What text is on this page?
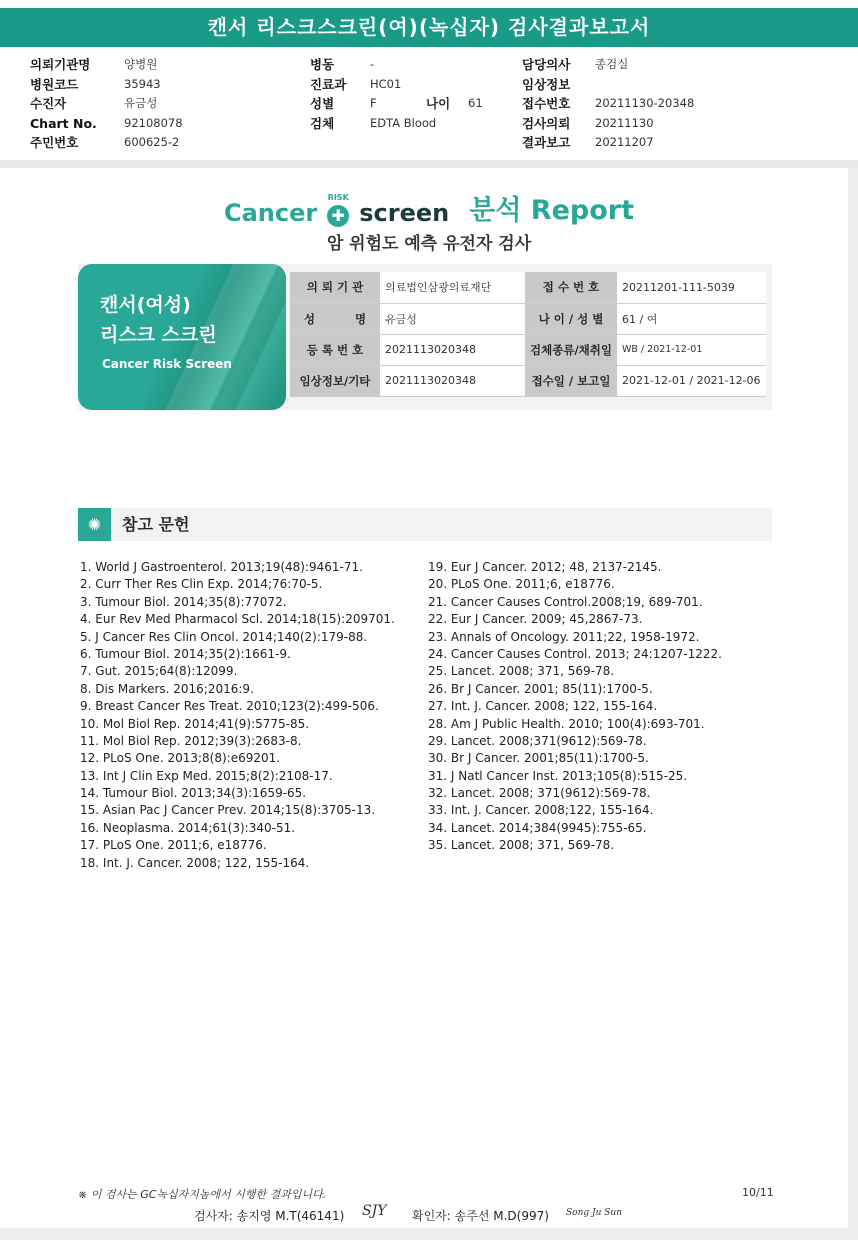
캔서 리스크스크린(여)(녹십자) 검사결과보고서
의뢰기관명	양병원
병원코드	35943
수진자	유금성
Chart No. 92108078
주민번호	600625-2
병동	-
진료과 HC01
성별	F	나이 61
검체	EDTA Blood
담당의사 종검실
임상정보
접수번호 20211130-20348
검사의뢰 20211130
결과보고 20211207
Cancer
RISK
✚ screen 분석 Report
암 위험도 예측 유전자 검사
캔서(여성)
리스크 스크린
Cancer Risk Screen
의 뢰 기 관	의료법인삼광의료재단	접 수 번 호	20211201-111-5039
성          명	유금성	나 이 / 성 별	61 / 여
등 록 번 호	2021113020348	검체종류/채취일	WB / 2021-12-01
임상정보/기타	2021113020348	접수일 / 보고일	2021-12-01 / 2021-12-06
✺	참고 문헌
1. World J Gastroenterol. 2013;19(48):9461-71.
2. Curr Ther Res Clin Exp. 2014;76:70-5.
3. Tumour Biol. 2014;35(8):77072.
4. Eur Rev Med Pharmacol Scl. 2014;18(15):209701.
5. J Cancer Res Clin Oncol. 2014;140(2):179-88.
6. Tumour Biol. 2014;35(2):1661-9.
7. Gut. 2015;64(8):12099.
8. Dis Markers. 2016;2016:9.
9. Breast Cancer Res Treat. 2010;123(2):499-506.
10. Mol Biol Rep. 2014;41(9):5775-85.
11. Mol Biol Rep. 2012;39(3):2683-8.
12. PLoS One. 2013;8(8):e69201.
13. Int J Clin Exp Med. 2015;8(2):2108-17.
14. Tumour Biol. 2013;34(3):1659-65.
15. Asian Pac J Cancer Prev. 2014;15(8):3705-13.
16. Neoplasma. 2014;61(3):340-51.
17. PLoS One. 2011;6, e18776.
18. Int. J. Cancer. 2008; 122, 155-164.
19. Eur J Cancer. 2012; 48, 2137-2145.
20. PLoS One. 2011;6, e18776.
21. Cancer Causes Control.2008;19, 689-701.
22. Eur J Cancer. 2009; 45,2867-73.
23. Annals of Oncology. 2011;22, 1958-1972.
24. Cancer Causes Control. 2013; 24:1207-1222.
25. Lancet. 2008; 371, 569-78.
26. Br J Cancer. 2001; 85(11):1700-5.
27. Int. J. Cancer. 2008; 122, 155-164.
28. Am J Public Health. 2010; 100(4):693-701.
29. Lancet. 2008;371(9612):569-78.
30. Br J Cancer. 2001;85(11):1700-5.
31. J Natl Cancer Inst. 2013;105(8):515-25.
32. Lancet. 2008; 371(9612):569-78.
33. Int. J. Cancer. 2008;122, 155-164.
34. Lancet. 2014;384(9945):755-65.
35. Lancet. 2008; 371, 569-78.
※ 이 검사는 GC녹십자지놈에서 시행한 결과입니다.	10/11
검사자: 송지영 M.T(46141) SJY 확인자: 송주선 M.D(997) Song Ju Sun
